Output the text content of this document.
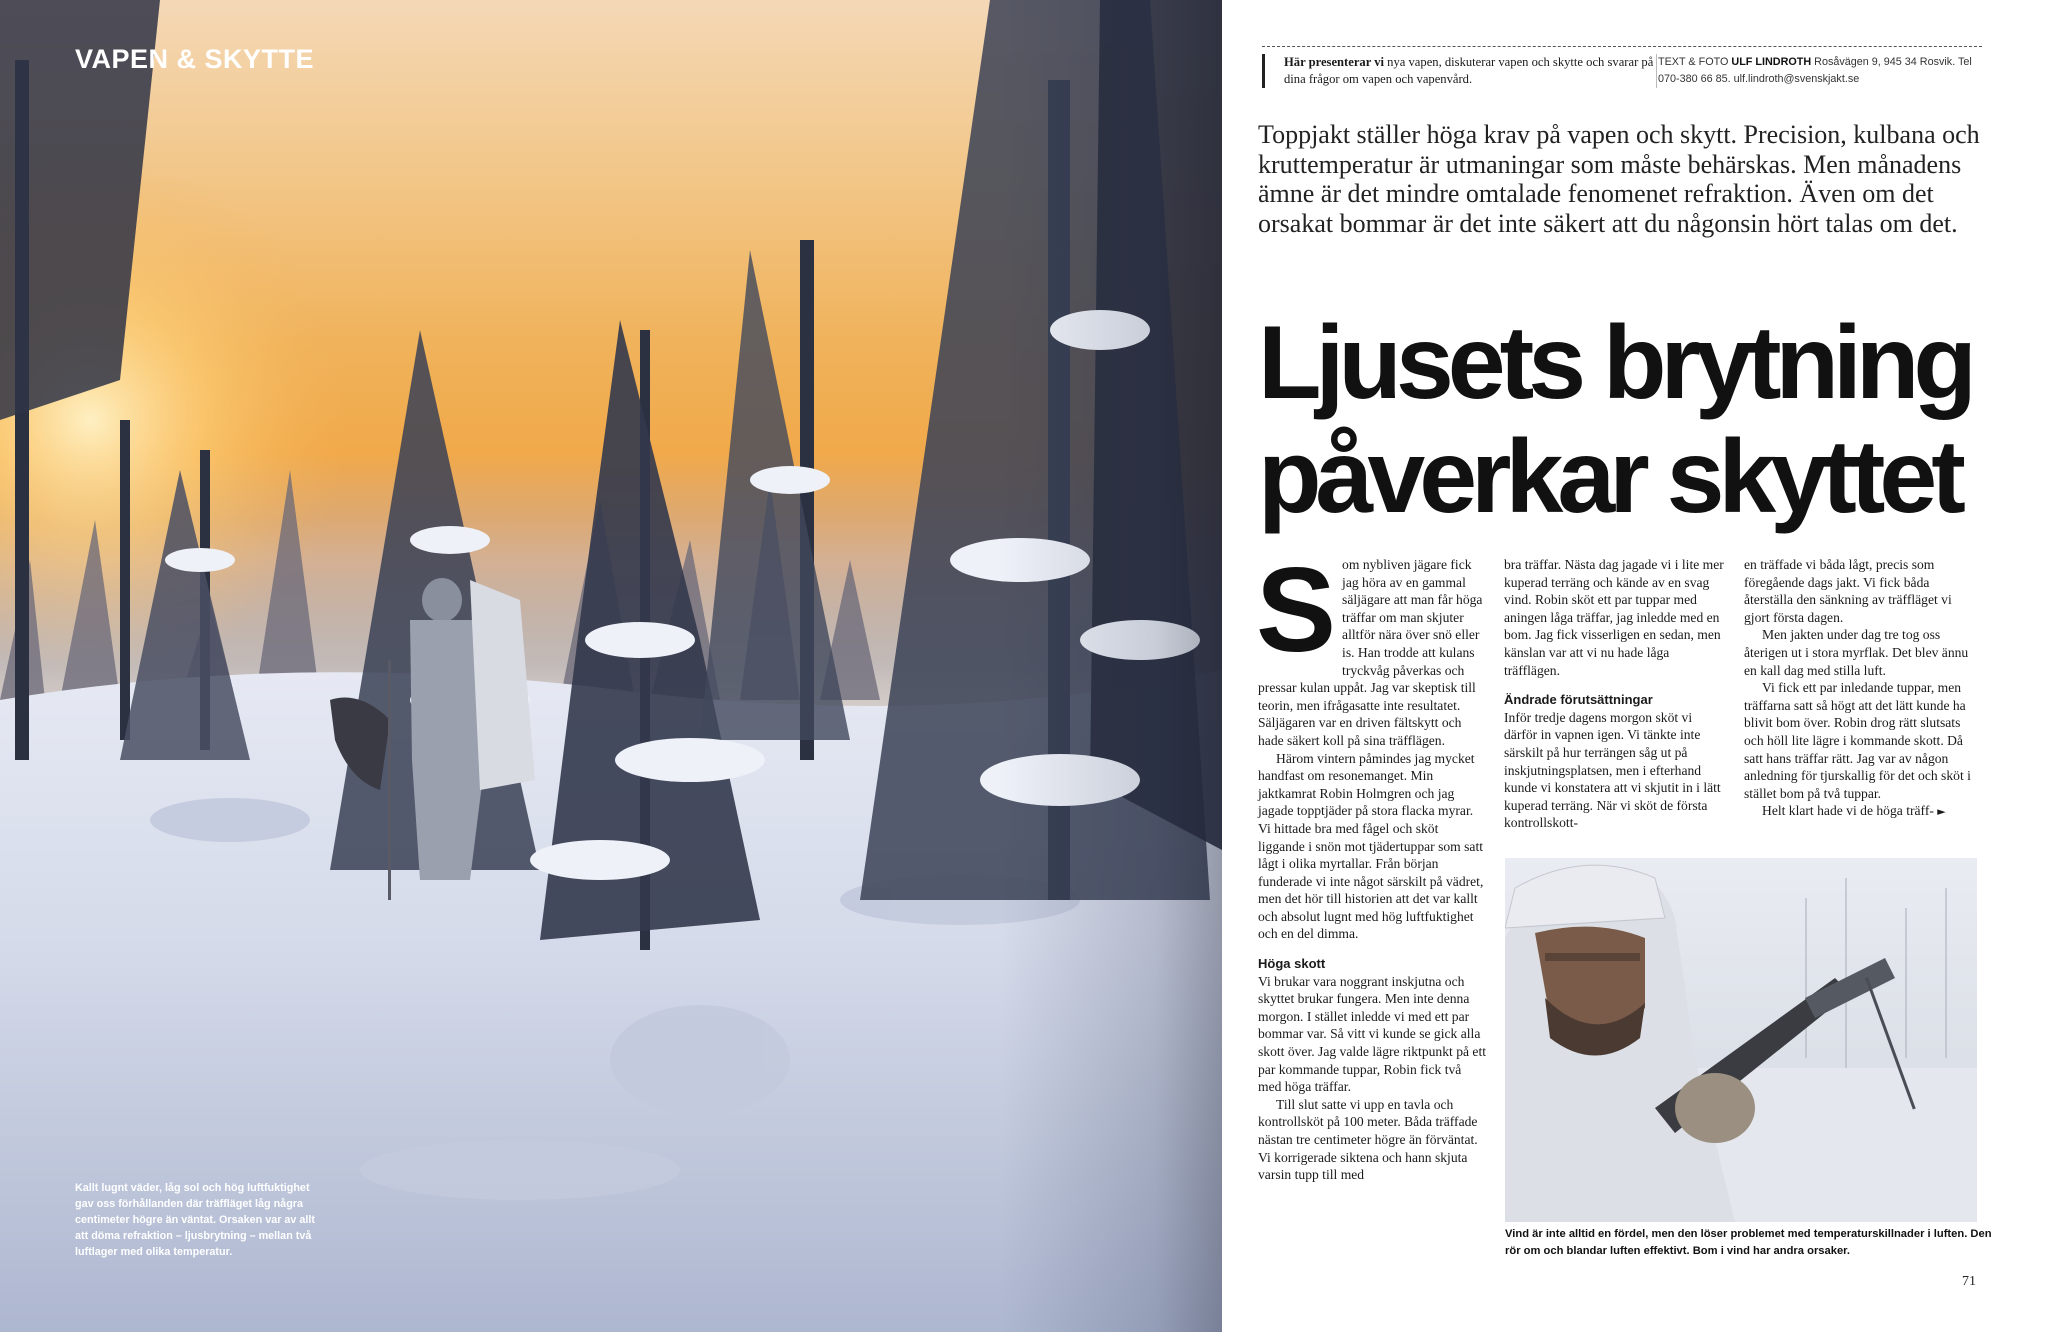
VAPEN & SKYTTE
Kallt lugnt väder, låg sol och hög luftfuktighet gav oss förhållanden där träffläget låg några centimeter högre än väntat. Orsaken var av allt att döma refraktion – ljusbrytning – mellan två luftlager med olika temperatur.
Här presenterar vi nya vapen, diskuterar vapen och skytte och svarar på dina frågor om vapen och vapenvård.
TEXT & FOTO ULF LINDROTH Rosåvägen 9, 945 34 Rosvik. Tel 070-380 66 85. ulf.lindroth@svenskjakt.se
Toppjakt ställer höga krav på vapen och skytt. Precision, kulbana och kruttemperatur är utmaningar som måste behärskas. Men månadens ämne är det mindre omtalade fenomenet refraktion. Även om det orsakat bommar är det inte säkert att du någonsin hört talas om det.
Ljusets brytning
påverkar skyttet
S om nybliven jägare fick jag höra av en gammal säljägare att man får höga träffar om man skjuter alltför nära över snö eller is. Han trodde att kulans tryckvåg påverkas och pressar kulan uppåt. Jag var skeptisk till teorin, men ifrågasatte inte resultatet. Säljägaren var en driven fältskytt och hade säkert koll på sina träfflägen.

Härom vintern påmindes jag mycket handfast om resonemanget. Min jaktkamrat Robin Holmgren och jag jagade topptjäder på stora flacka myrar. Vi hittade bra med fågel och sköt liggande i snön mot tjädertuppar som satt lågt i olika myrtallar. Från början funderade vi inte något särskilt på vädret, men det hör till historien att det var kallt och absolut lugnt med hög luftfuktighet och en del dimma.

Höga skott

Vi brukar vara noggrant inskjutna och skyttet brukar fungera. Men inte denna morgon. I stället inledde vi med ett par bommar var. Så vitt vi kunde se gick alla skott över. Jag valde lägre riktpunkt på ett par kommande tuppar, Robin fick två med höga träffar.

Till slut satte vi upp en tavla och kontrollsköt på 100 meter. Båda träffade nästan tre centimeter högre än förväntat. Vi korrigerade siktena och hann skjuta varsin tupp till med

bra träffar. Nästa dag jagade vi i lite mer kuperad terräng och kände av en svag vind. Robin sköt ett par tuppar med aningen låga träffar, jag inledde med en bom. Jag fick visserligen en sedan, men känslan var att vi nu hade låga träfflägen.

Ändrade förutsättningar

Inför tredje dagens morgon sköt vi därför in vapnen igen. Vi tänkte inte särskilt på hur terrängen såg ut på inskjutningsplatsen, men i efterhand kunde vi konstatera att vi skjutit in i lätt kuperad terräng. När vi sköt de första kontrollskott-

en träffade vi båda lågt, precis som föregående dags jakt. Vi fick båda återställa den sänkning av träffläget vi gjort första dagen.

Men jakten under dag tre tog oss återigen ut i stora myrflak. Det blev ännu en kall dag med stilla luft.

Vi fick ett par inledande tuppar, men träffarna satt så högt att det lätt kunde ha blivit bom över. Robin drog rätt slutsats och höll lite lägre i kommande skott. Då satt hans träffar rätt. Jag var av någon anledning för tjurskallig för det och sköt i stället bom på två tuppar.

Helt klart hade vi de höga träff- ►

Vind är inte alltid en fördel, men den löser problemet med temperaturskillnader i luften. Den rör om och blandar luften effektivt. Bom i vind har andra orsaker.
71
